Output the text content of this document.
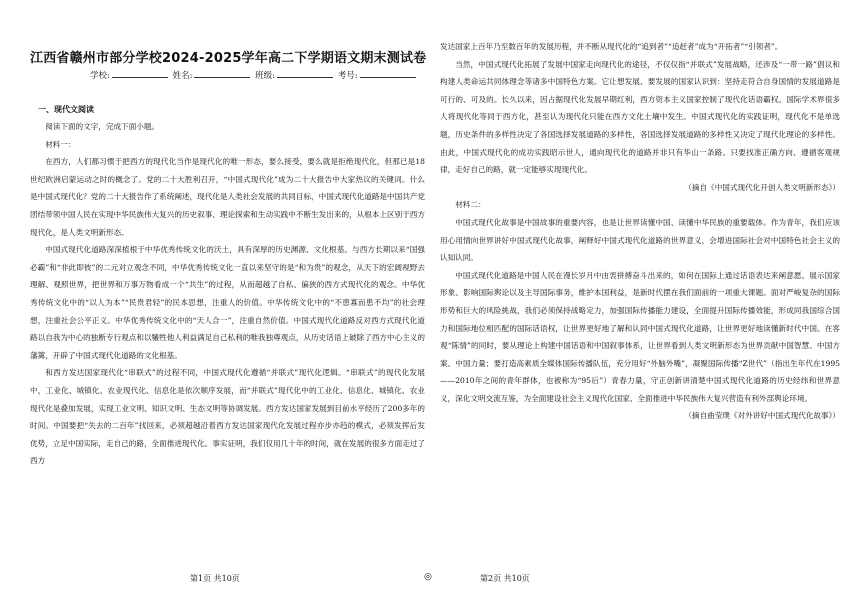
江西省赣州市部分学校2024-2025学年高二下学期语文期末测试卷
学校:	姓名:	班级:	考号:
一、现代文阅读

阅读下面的文字，完成下面小题。

材料一：

在西方，人们都习惯于把西方的现代化当作是现代化的唯一形态，要么接受，要么就是拒绝现代化，但那已是18世纪欧洲启蒙运动之时的概念了。党的二十大胜利召开，“中国式现代化”成为二十大报告中大家热议的关键词。什么是中国式现代化？党的二十大报告作了系统阐述，现代化是人类社会发展的共同目标，中国式现代化道路是中国共产党团结带领中国人民在实现中华民族伟大复兴的历史叙事、理论探索和生动实践中不断生发出来的，从根本上区别于西方现代化，是人类文明新形态。

中国式现代化道路深深植根于中华优秀传统文化的沃土，具有深厚的历史渊源、文化根基。与西方长期以来“国强必霸”和“非此即彼”的二元对立观念不同，中华优秀传统文化一直以来坚守的是“和为贵”的观念，从天下的宏阔视野去理解、观照世界，把世界和万事万物看成一个“共生”的过程，从而超越了自私、偏狭的西方式现代化的观念。中华优秀传统文化中的“以人为本”“民贵君轻”的民本思想，注重人的价值。中华传统文化中的“不患寡而患不均”的社会理想，注重社会公平正义。中华优秀传统文化中的“天人合一”，注重自然价值。中国式现代化道路反对西方式现代化道路以自我为中心的独断专行观点和以犧牲他人利益满足自己私利的唯我独尊观点，从历史话语上破除了西方中心主义的藩篱，开辟了中国式现代化道路的文化根基。

和西方发达国家现代化“串联式”的过程不同，中国式现代化遵循“并联式”现代化逻辑。“串联式”的现代化发展中，工业化、城镇化、农业现代化、信息化是依次顺序发展，而“并联式”现代化中的工业化、信息化、城镇化、农业现代化是叠加发展，实现工业文明、知识文明、生态文明等协调发展。西方发达国家发展到目前水平经历了200多年的时间。中国要把“失去的二百年”找回来，必须超越沿着西方发达国家现代化发展过程亦步亦趋的模式，必须发挥后发优势，立足中国实际，走自己的路，全面推进现代化。事实证明，我们仅用几十年的时间，就在发展的很多方面走过了西方

第1页 共10页	◎

发达国家上百年乃至数百年的发展历程，并不断从现代化的“追到者”“追赶者”成为“开拓者”“引领者”。

当然，中国式现代化拓展了发展中国家走向现代化的途径，不仅仅指“并联式”发展战略，还涉及“一带一路”倡议和构建人类命运共同体理念等诸多中国特色方案。它让想发展、要发展的国家认识到：坚持走符合自身国情的发展道路是可行的、可及的。长久以来，因占据现代化发展早期红利，西方资本主义国家控制了现代化话语霸权。国际学术界很多人将现代化等同于西方化，甚至认为现代化只能在西方文化土壤中发生。中国式现代化的实践证明，现代化不是单选题，历史条件的多样性决定了各国选择发展道路的多样性，各国选择发展道路的多样性又决定了现代化理论的多样性。由此，中国式现代化的成功实践昭示世人，通向现代化的道路并非只有华山一条路。只要找准正确方向、遵循客观规律，走好自己的路，就一定能够实现现代化。

（摘自《中国式现代化开创人类文明新形态》）

材料二：

中国式现代化故事是中国故事的重要内容，也是让世界读懂中国、读懂中华民族的重要载体。作为青年，我们应该用心用情向世界讲好中国式现代化故事，阐释好中国式现代化道路的世界意义，会增进国际社会对中国特色社会主义的认知认同。

中国式现代化道路是中国人民在漫长岁月中由衷拼搏奋斗出来的，如何在国际上通过话语表达来阐意愿、展示国家形象、影响国际舆论以及主导国际事务，维护本国利益，是新时代摆在我们面前的一项重大课题。面对严峻复杂的国际形势和巨大的风险挑战，我们必须保持战略定力，加强国际传播能力建设，全面提升国际传播效能，形成同我国综合国力和国际地位相匹配的国际话语权，让世界更好地了解和认同中国式现代化道路，让世界更好地读懂新时代中国。在客观“陈情”的同时，要从理论上构建中国话语和中国叙事体系，让世界看到人类文明新形态为世界贡献中国智慧、中国方案、中国力量；要打造高素质全媒体国际传播队伍，充分用好“外脑外嘴”，凝聚国际传播“Z世代”（指出生年代在1995——2010年之间的青年群体，也被称为“95后”）青春力量，守正创新讲清楚中国式现代化道路的历史经纬和世界意义，深化文明交流互鉴，为全面建设社会主义现代化国家、全面推进中华民族伟大复兴营造有利外部舆论环境。

（摘自曲莹璞《对外讲好中国式现代化故事》）

第2页 共10页
